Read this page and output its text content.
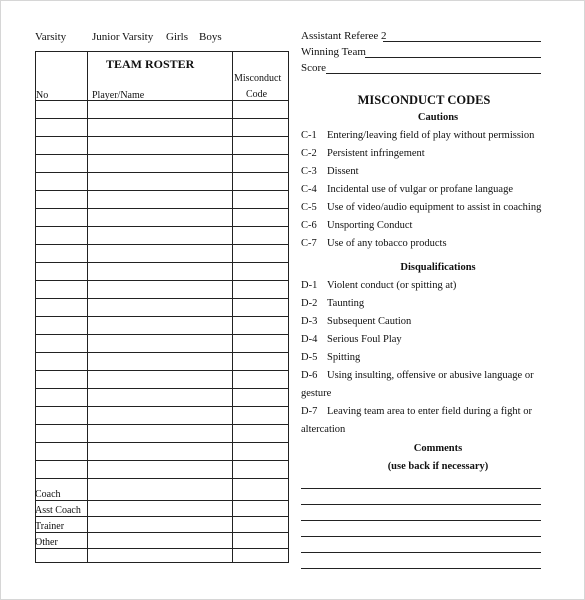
Varsity Junior Varsity Girls Boys
TEAM ROSTER
Misconduct
Code
No	Player/Name
Coach
Asst Coach
Trainer
Other
Assistant Referee 2
Winning Team
Score
MISCONDUCT CODES
Cautions
C-1 Entering/leaving field of play without permission
C-2 Persistent infringement
C-3 Dissent
C-4 Incidental use of vulgar or profane language
C-5 Use of video/audio equipment to assist in coaching
C-6 Unsporting Conduct
C-7 Use of any tobacco products
Disqualifications
D-1 Violent conduct (or spitting at)
D-2 Taunting
D-3 Subsequent Caution
D-4 Serious Foul Play
D-5 Spitting
D-6 Using insulting, offensive or abusive language or
gesture
D-7 Leaving team area to enter field during a fight or
altercation
Comments
(use back if necessary)
